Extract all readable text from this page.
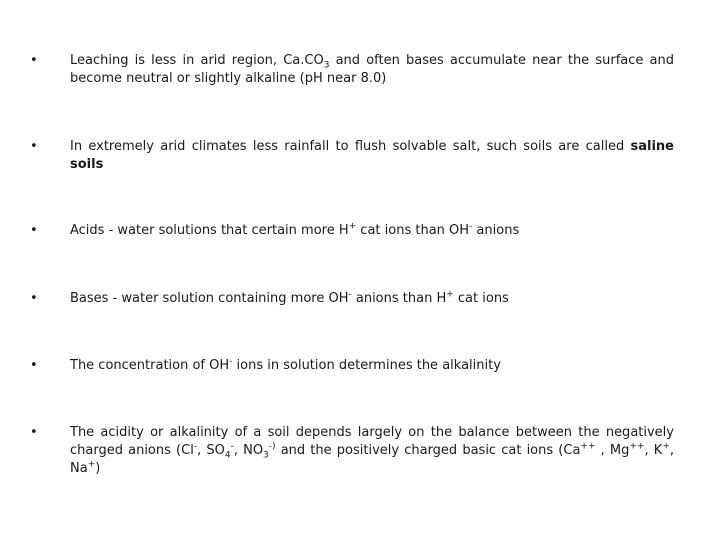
•	Leaching is less in arid region, $Ca.CO_3$ and often bases accumulate near the surface and become neutral or slightly alkaline (pH near 8.0)
•	In extremely arid climates less rainfall to flush solvable salt, such soils are called saline soils
•	Acids - water solutions that certain more H+ cat ions than OH- anions
•	Bases - water solution containing more OH- anions than H+ cat ions
•	The concentration of OH- ions in solution determines the alkalinity
•	The acidity or alkalinity of a soil depends largely on the balance between the negatively charged anions (Cl-, $SO_4^-$, $NO_3^{-)}$ and the positively charged basic cat ions (Ca++ , Mg++, K+, Na+)
